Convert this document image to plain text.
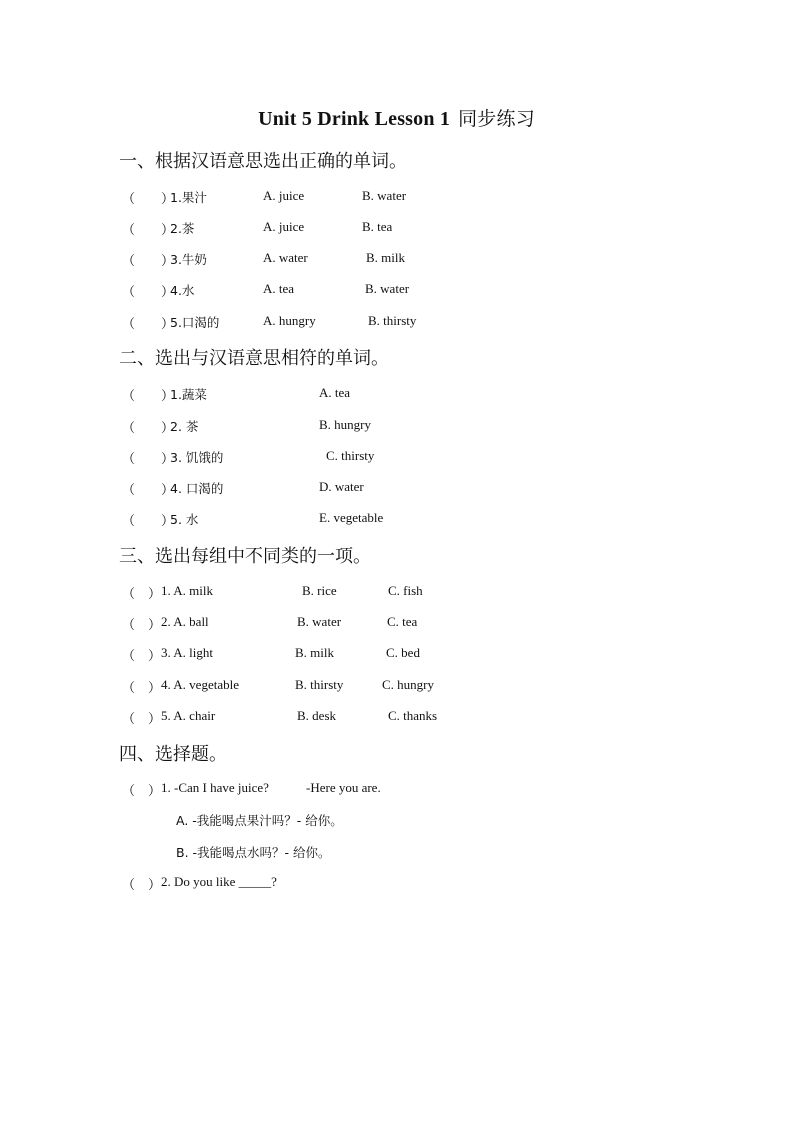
Unit 5 Drink Lesson 1 同步练习
一、根据汉语意思选出正确的单词。
（　　）
1.果汁	A. juice	B. water
（　　）
2.茶	A. juice	B. tea
（　　）
3.牛奶	A. water	B. milk
（　　）
4.水	A. tea	B. water
（　　）
5.口渴的	A. hungry	B. thirsty
二、选出与汉语意思相符的单词。
（　　）
1.蔬菜	A. tea
（　　）
2. 茶	B. hungry
（　　）
3. 饥饿的	C. thirsty
（　　）
4. 口渴的	D. water
（　　）
5. 水	E. vegetable
三、选出每组中不同类的一项。
（　） 1. A. milk	B. rice	C. fish
（　） 2. A. ball	B. water	C. tea
（　） 3. A. light	B. milk	C. bed
（　） 4. A. vegetable	B. thirsty	C. hungry
（　） 5. A. chair	B. desk	C. thanks
四、选择题。
（　） 1. -Can I have juice?	-Here you are.
A. -我能喝点果汁吗？- 给你。
B. -我能喝点水吗？- 给你。
（　） 2. Do you like _____?
